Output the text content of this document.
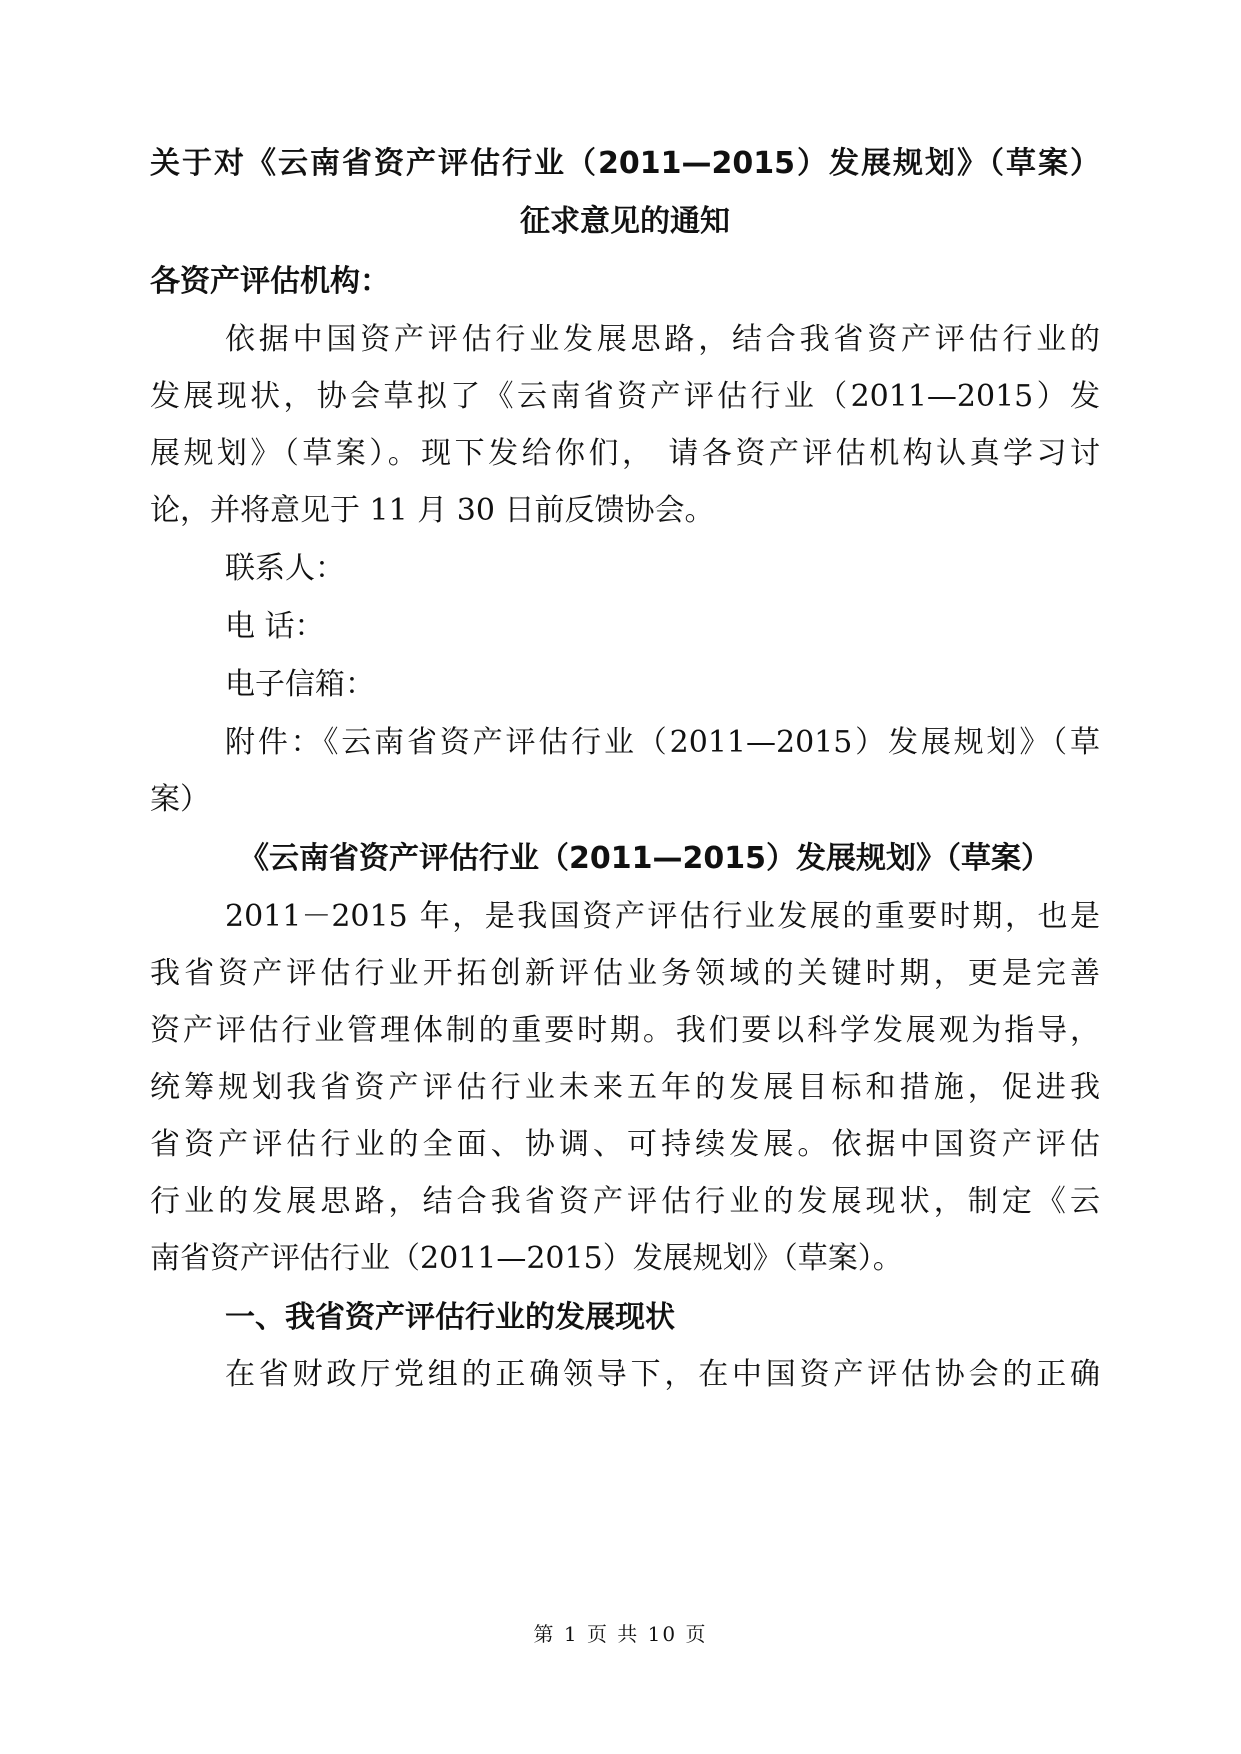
关于对《云南省资产评估行业（2011—2015）发展规划》（草案）
征求意见的通知
各资产评估机构：
依据中国资产评估行业发展思路，结合我省资产评估行业的
发展现状，协会草拟了《云南省资产评估行业（2011—2015）发
展规划》（草案）。现下发给你们， 请各资产评估机构认真学习讨
论，并将意见于 11 月 30 日前反馈协会。
联系人：
电 话：
电子信箱：
附件：《云南省资产评估行业（2011—2015）发展规划》（草
案）
《云南省资产评估行业（2011—2015）发展规划》（草案）
2011－2015 年，是我国资产评估行业发展的重要时期，也是
我省资产评估行业开拓创新评估业务领域的关键时期，更是完善
资产评估行业管理体制的重要时期。我们要以科学发展观为指导，
统筹规划我省资产评估行业未来五年的发展目标和措施，促进我
省资产评估行业的全面、协调、可持续发展。依据中国资产评估
行业的发展思路，结合我省资产评估行业的发展现状，制定《云
南省资产评估行业（2011—2015）发展规划》（草案）。
一、我省资产评估行业的发展现状
在省财政厅党组的正确领导下，在中国资产评估协会的正确
第 1 页 共 10 页
